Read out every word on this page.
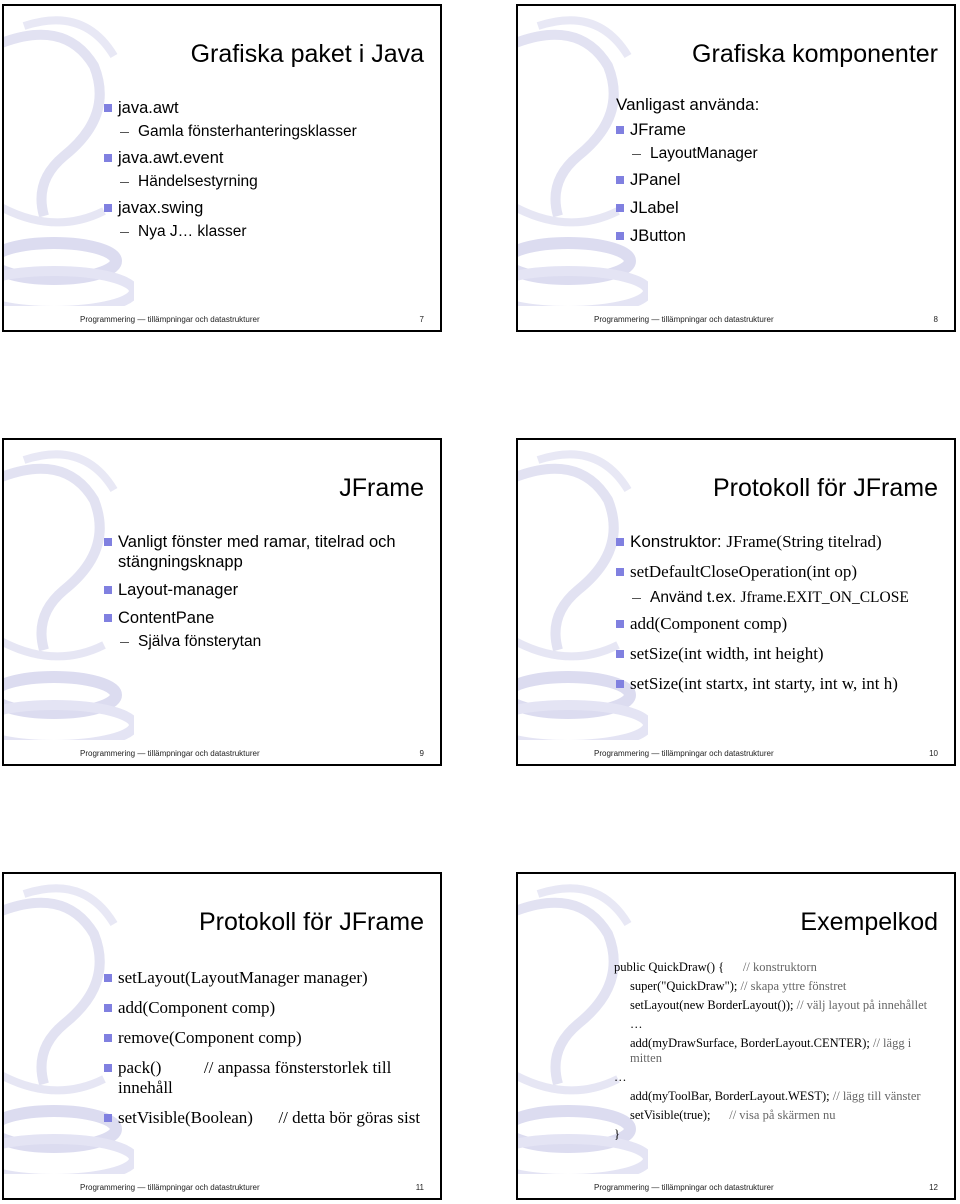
Grafiska paket i Java
java.awt
Gamla fönsterhanteringsklasser
java.awt.event
Händelsestyrning
javax.swing
Nya J… klasser
Programmering — tillämpningar och datastrukturer	7
Grafiska komponenter
Vanligast använda:
JFrame
LayoutManager
JPanel
JLabel
JButton
Programmering — tillämpningar och datastrukturer	8
JFrame
Vanligt fönster med ramar, titelrad och stängningsknapp
Layout-manager
ContentPane
Själva fönsterytan
Programmering — tillämpningar och datastrukturer	9
Protokoll för JFrame
Konstruktor: JFrame(String titelrad)
setDefaultCloseOperation(int op)
Använd t.ex. Jframe.EXIT_ON_CLOSE
add(Component comp)
setSize(int width, int height)
setSize(int startx, int starty, int w, int h)
Programmering — tillämpningar och datastrukturer	10
Protokoll för JFrame
setLayout(LayoutManager manager)
add(Component comp)
remove(Component comp)
pack()          // anpassa fönsterstorlek till innehåll
setVisible(Boolean)      // detta bör göras sist
Programmering — tillämpningar och datastrukturer	11
Exempelkod
public QuickDraw() {      // konstruktorn
super("QuickDraw"); // skapa yttre fönstret
setLayout(new BorderLayout()); // välj layout på innehållet
…
add(myDrawSurface, BorderLayout.CENTER); // lägg i mitten
…
add(myToolBar, BorderLayout.WEST); // lägg till vänster
setVisible(true);      // visa på skärmen nu
}
Programmering — tillämpningar och datastrukturer	12
